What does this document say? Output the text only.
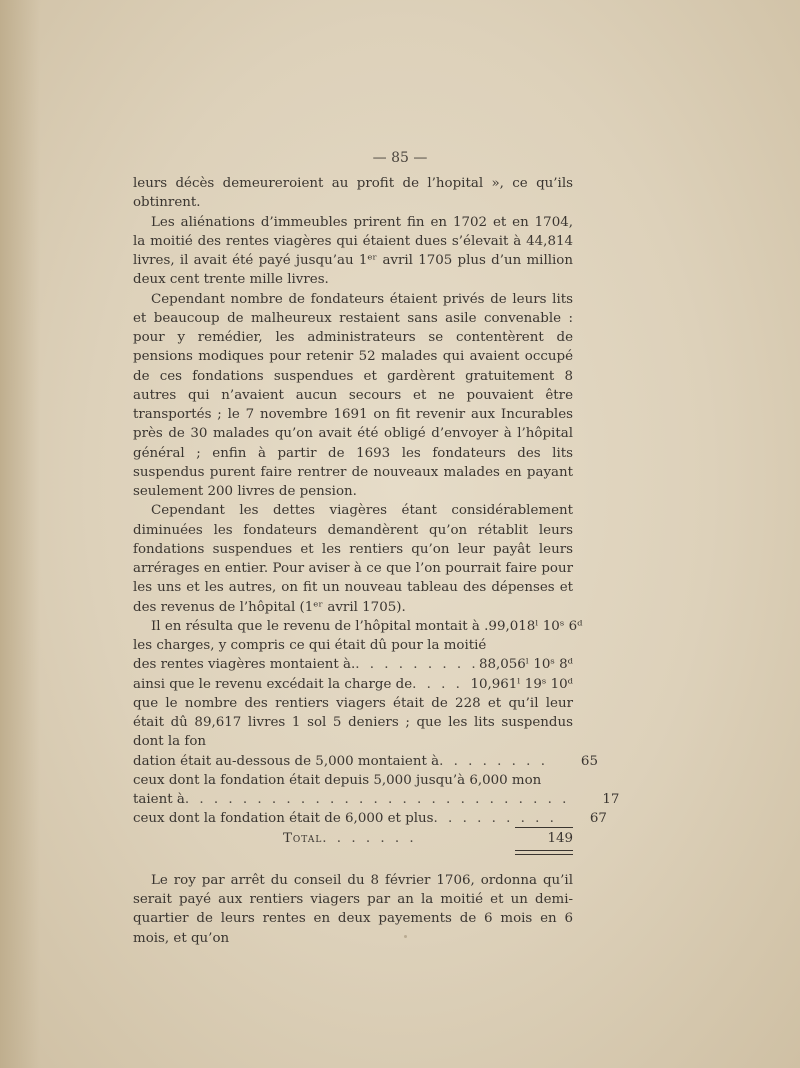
— 85 —

leurs décès demeureroient au profit de l’hopital », ce qu’ils obtinrent.

Les aliénations d’immeubles prirent fin en 1702 et en 1704, la moitié des rentes viagères qui étaient dues s’élevait à 44,814 livres, il avait été payé jusqu’au 1ᵉʳ avril 1705 plus d’un million deux cent trente mille livres.

Cependant nombre de fondateurs étaient privés de leurs lits et beaucoup de malheureux restaient sans asile convenable : pour y remédier, les administrateurs se contentèrent de pensions modiques pour retenir 52 malades qui avaient occupé de ces fondations suspendues et gardèrent gratuitement 8 autres qui n’avaient aucun secours et ne pouvaient être transportés ; le 7 novembre 1691 on fit revenir aux Incurables près de 30 malades qu’on avait été obligé d’envoyer à l’hôpital général ; enfin à partir de 1693 les fondateurs des lits suspendus purent faire rentrer de nouveaux malades en payant seulement 200 livres de pension.

Cependant les dettes viagères étant considérablement diminuées les fondateurs demandèrent qu’on rétablit leurs fondations suspendues et les rentiers qu’on leur payât leurs arrérages en entier. Pour aviser à ce que l’on pourrait faire pour les uns et les autres, on fit un nouveau tableau des dépenses et des revenus de l’hôpital (1ᵉʳ avril 1705).

Il en résulta que le revenu de l’hôpital montait à . 99,018ˡ 10ˢ 6ᵈ
les charges, y compris ce qui était dû pour la moitié
des rentes viagères montaient à. . . . . . . . . . 88,056ˡ 10ˢ 8ᵈ
ainsi que le revenu excédait la charge de . . . . 10,961ˡ 19ˢ 10ᵈ

que le nombre des rentiers viagers était de 228 et qu’il leur était dû 89,617 livres 1 sol 5 deniers ; que les lits suspendus dont la fon

dation était au-dessous de 5,000 montaient à . . . . . . . .	65
ceux dont la fondation était depuis 5,000 jusqu’à 6,000 mon
taient à . . . . . . . . . . . . . . . . . . . . . . . . . . .	17
ceux dont la fondation était de 6,000 et plus . . . . . . . . .	67
Total . . . . . . .	149

Le roy par arrêt du conseil du 8 février 1706, ordonna qu’il serait payé aux rentiers viagers par an la moitié et un demi-quartier de leurs rentes en deux payements de 6 mois en 6 mois, et qu’on
